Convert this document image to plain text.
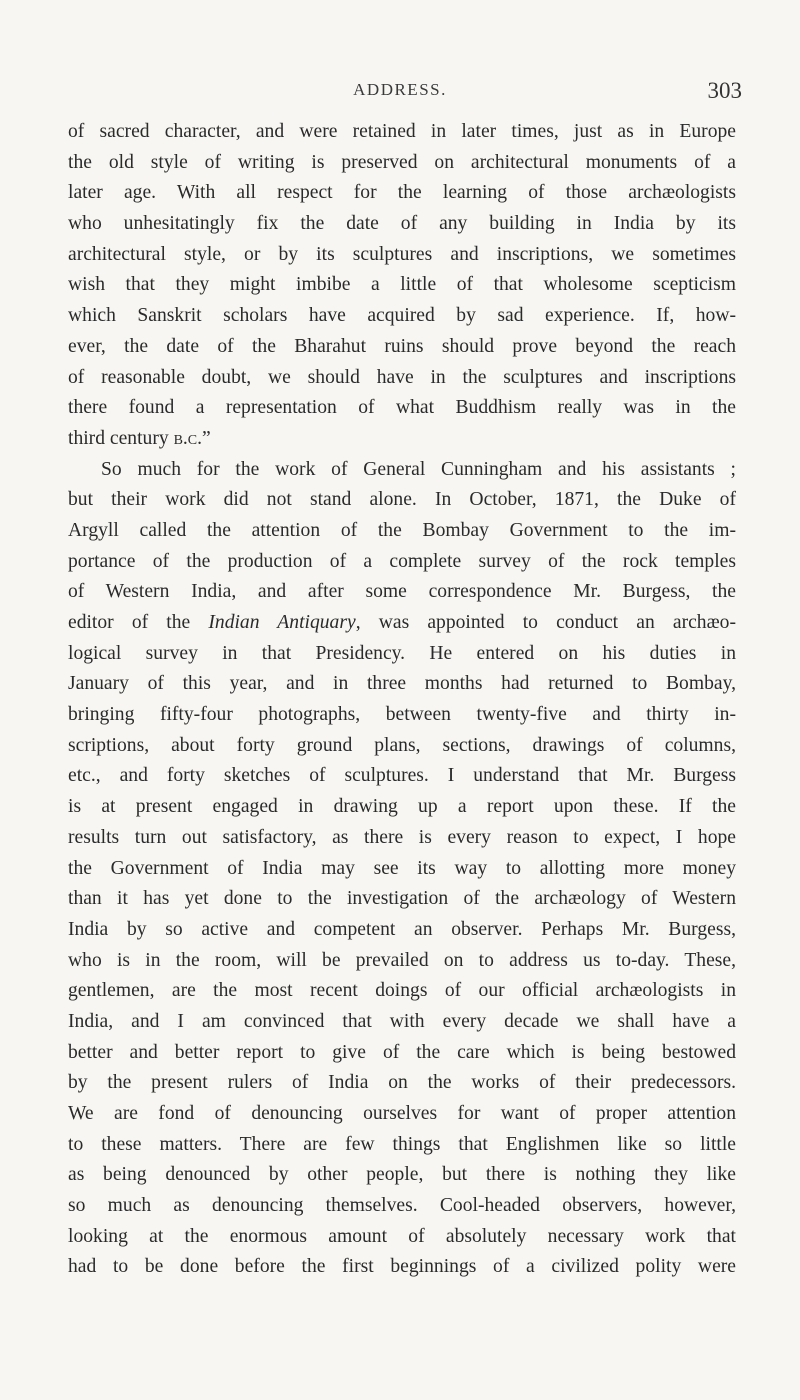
ADDRESS.	303
of sacred character, and were retained in later times, just as in Europe
the old style of writing is preserved on architectural monuments of a
later age. With all respect for the learning of those archæologists
who unhesitatingly fix the date of any building in India by its
architectural style, or by its sculptures and inscriptions, we sometimes
wish that they might imbibe a little of that wholesome scepticism
which Sanskrit scholars have acquired by sad experience. If, how-
ever, the date of the Bharahut ruins should prove beyond the reach
of reasonable doubt, we should have in the sculptures and inscriptions
there found a representation of what Buddhism really was in the
third century b.c.”
So much for the work of General Cunningham and his assistants ;
but their work did not stand alone. In October, 1871, the Duke of
Argyll called the attention of the Bombay Government to the im-
portance of the production of a complete survey of the rock temples
of Western India, and after some correspondence Mr. Burgess, the
editor of the Indian Antiquary, was appointed to conduct an archæo-
logical survey in that Presidency. He entered on his duties in
January of this year, and in three months had returned to Bombay,
bringing fifty-four photographs, between twenty-five and thirty in-
scriptions, about forty ground plans, sections, drawings of columns,
etc., and forty sketches of sculptures. I understand that Mr. Burgess
is at present engaged in drawing up a report upon these. If the
results turn out satisfactory, as there is every reason to expect, I hope
the Government of India may see its way to allotting more money
than it has yet done to the investigation of the archæology of Western
India by so active and competent an observer. Perhaps Mr. Burgess,
who is in the room, will be prevailed on to address us to-day. These,
gentlemen, are the most recent doings of our official archæologists in
India, and I am convinced that with every decade we shall have a
better and better report to give of the care which is being bestowed
by the present rulers of India on the works of their predecessors.
We are fond of denouncing ourselves for want of proper attention
to these matters. There are few things that Englishmen like so little
as being denounced by other people, but there is nothing they like
so much as denouncing themselves. Cool-headed observers, however,
looking at the enormous amount of absolutely necessary work that
had to be done before the first beginnings of a civilized polity were
